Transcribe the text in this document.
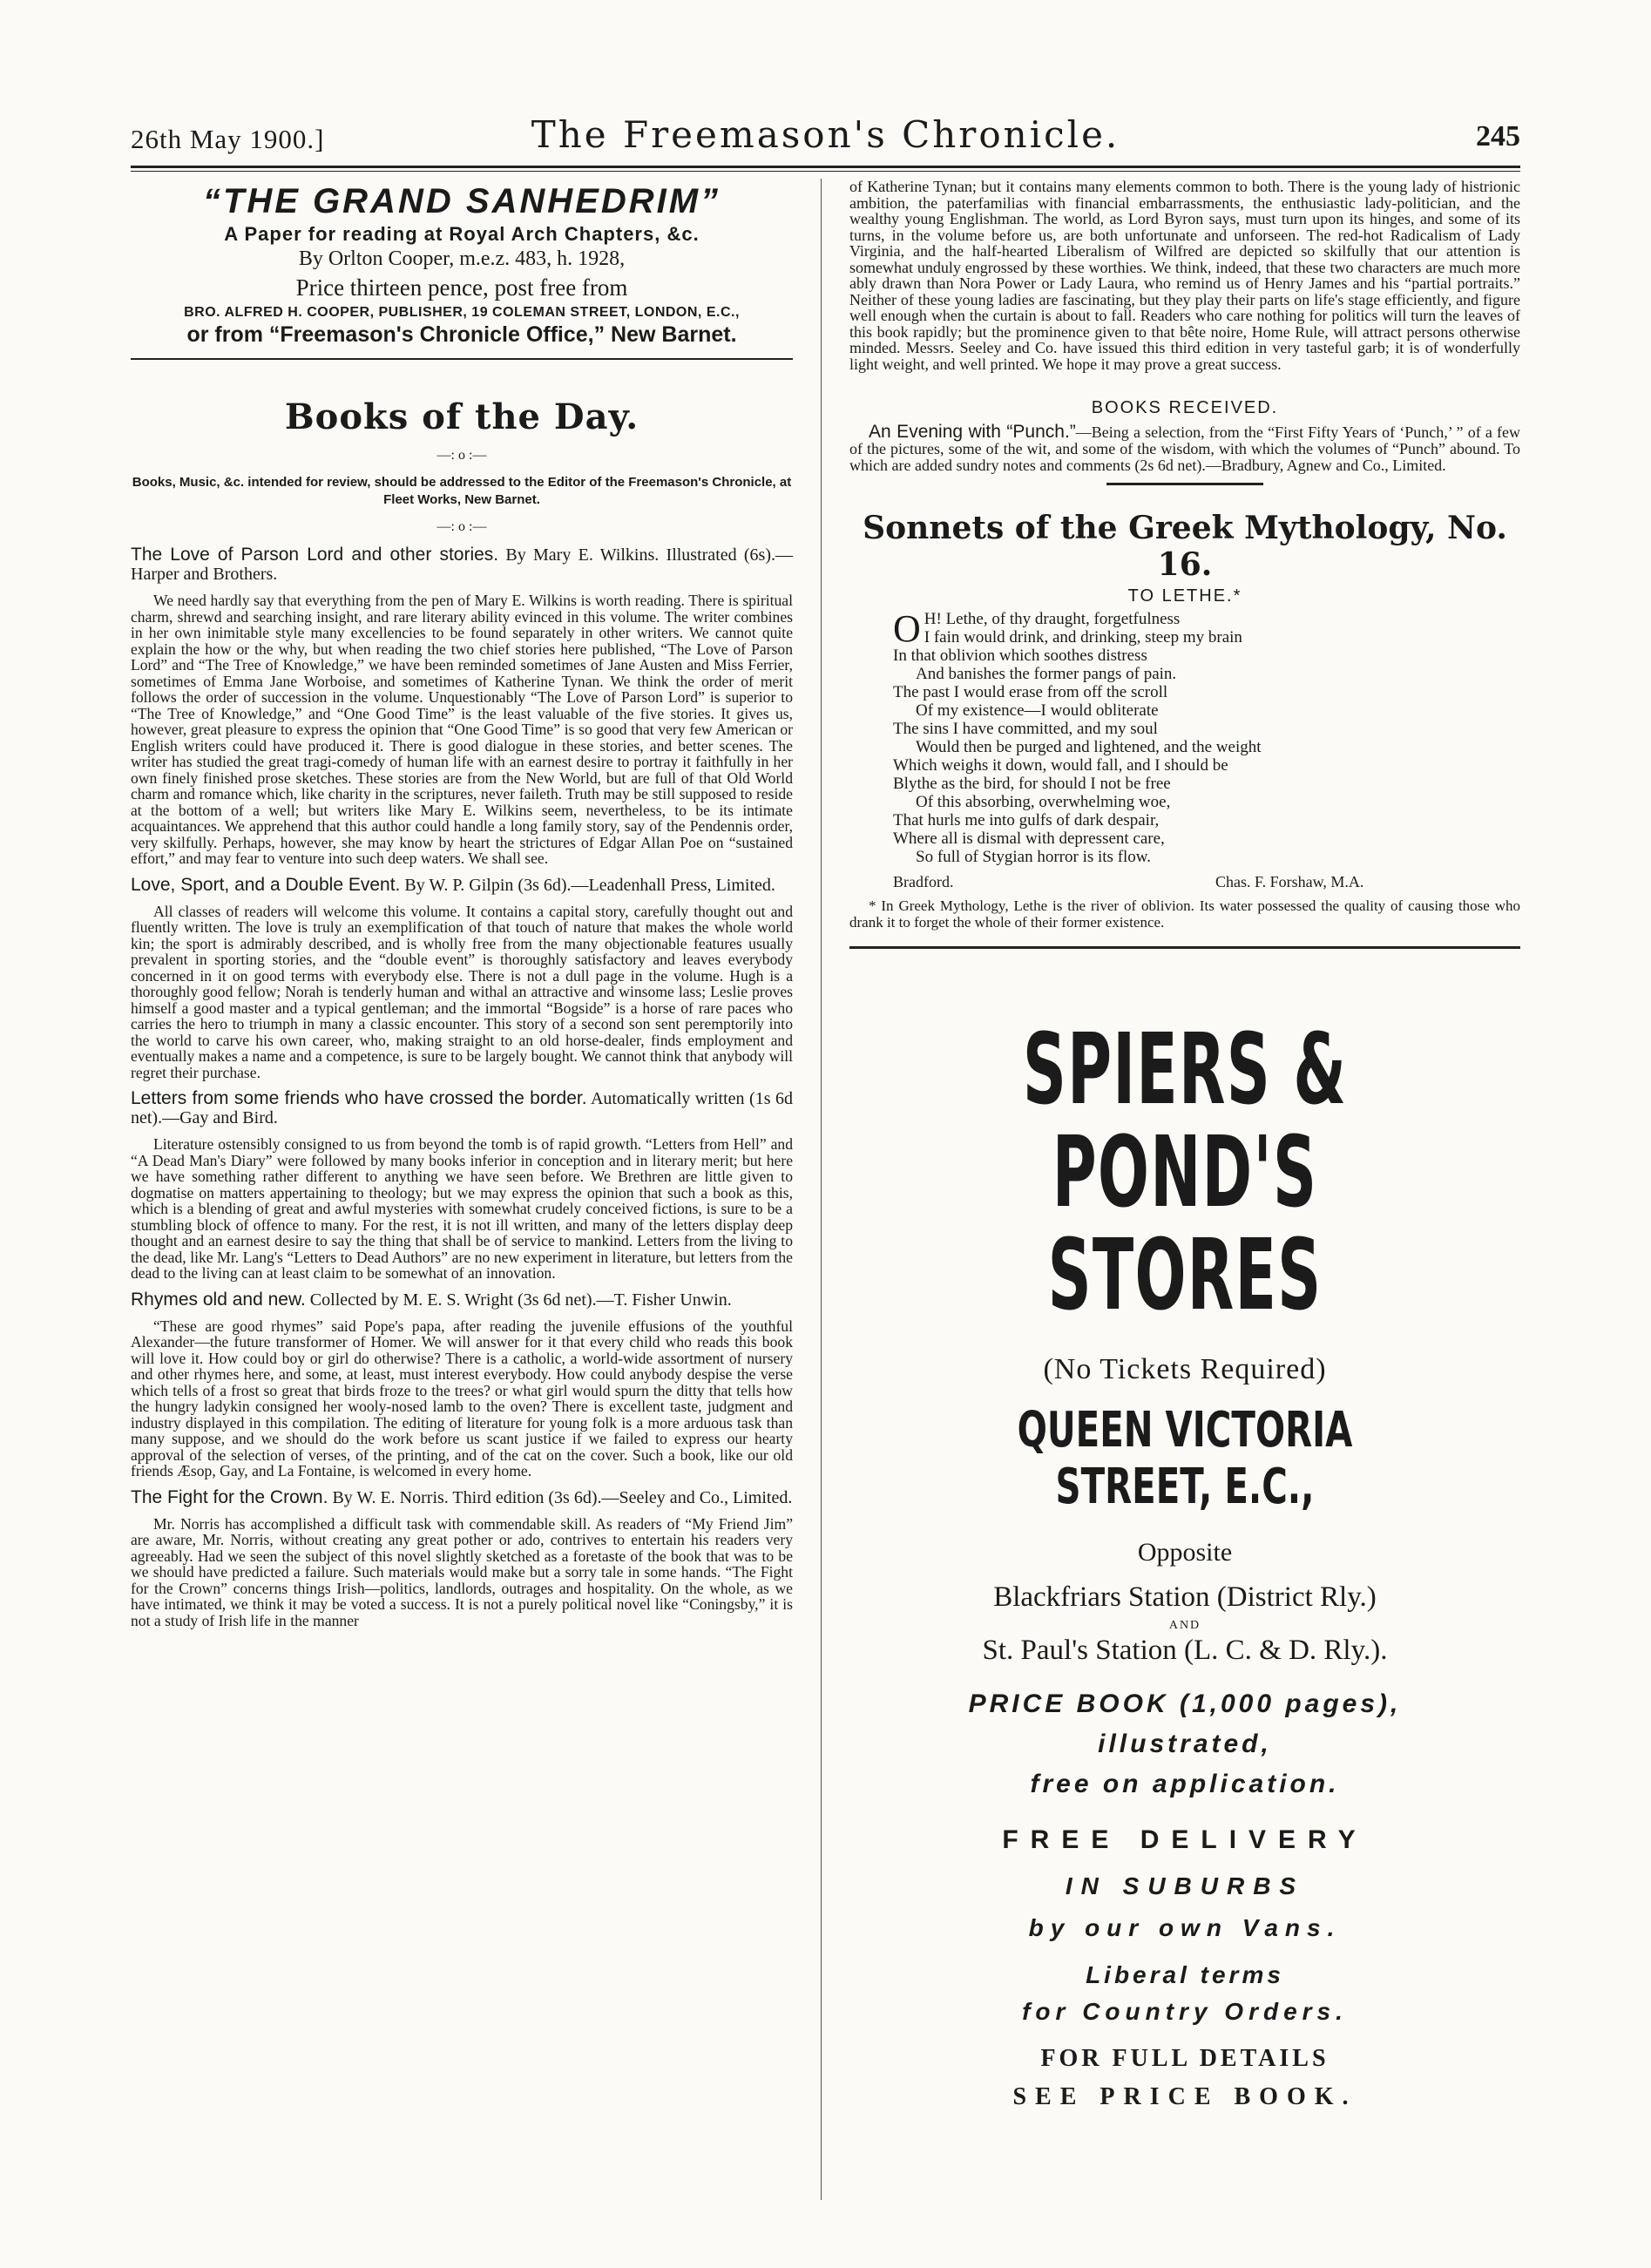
26th May 1900.]	The Freemason's Chronicle.	245
“THE GRAND SANHEDRIM”
A Paper for reading at Royal Arch Chapters, &c.
By Orlton Cooper, m.e.z. 483, h. 1928,
Price thirteen pence, post free from
BRO. ALFRED H. COOPER, PUBLISHER, 19 COLEMAN STREET, LONDON, E.C.,
or from “Freemason's Chronicle Office,” New Barnet.
Books of the Day.
—: o :—
Books, Music, &c. intended for review, should be addressed to the Editor of the Freemason's Chronicle, at Fleet Works, New Barnet.
—: o :—
The Love of Parson Lord and other stories. By Mary E. Wilkins. Illustrated (6s).—Harper and Brothers.
We need hardly say that everything from the pen of Mary E. Wilkins is worth reading. There is spiritual charm, shrewd and searching insight, and rare literary ability evinced in this volume. The writer combines in her own inimitable style many excellencies to be found separately in other writers. We cannot quite explain the how or the why, but when reading the two chief stories here published, “The Love of Parson Lord” and “The Tree of Knowledge,” we have been reminded sometimes of Jane Austen and Miss Ferrier, sometimes of Emma Jane Worboise, and sometimes of Katherine Tynan. We think the order of merit follows the order of succession in the volume. Unquestionably “The Love of Parson Lord” is superior to “The Tree of Knowledge,” and “One Good Time” is the least valuable of the five stories. It gives us, however, great pleasure to express the opinion that “One Good Time” is so good that very few American or English writers could have produced it. There is good dialogue in these stories, and better scenes. The writer has studied the great tragi-comedy of human life with an earnest desire to portray it faithfully in her own finely finished prose sketches. These stories are from the New World, but are full of that Old World charm and romance which, like charity in the scriptures, never faileth. Truth may be still supposed to reside at the bottom of a well; but writers like Mary E. Wilkins seem, nevertheless, to be its intimate acquaintances. We apprehend that this author could handle a long family story, say of the Pendennis order, very skilfully. Perhaps, however, she may know by heart the strictures of Edgar Allan Poe on “sustained effort,” and may fear to venture into such deep waters. We shall see.
Love, Sport, and a Double Event. By W. P. Gilpin (3s 6d).—Leadenhall Press, Limited.
All classes of readers will welcome this volume. It contains a capital story, carefully thought out and fluently written. The love is truly an exemplification of that touch of nature that makes the whole world kin; the sport is admirably described, and is wholly free from the many objectionable features usually prevalent in sporting stories, and the “double event” is thoroughly satisfactory and leaves everybody concerned in it on good terms with everybody else. There is not a dull page in the volume. Hugh is a thoroughly good fellow; Norah is tenderly human and withal an attractive and winsome lass; Leslie proves himself a good master and a typical gentleman; and the immortal “Bogside” is a horse of rare paces who carries the hero to triumph in many a classic encounter. This story of a second son sent peremptorily into the world to carve his own career, who, making straight to an old horse-dealer, finds employment and eventually makes a name and a competence, is sure to be largely bought. We cannot think that anybody will regret their purchase.
Letters from some friends who have crossed the border. Automatically written (1s 6d net).—Gay and Bird.
Literature ostensibly consigned to us from beyond the tomb is of rapid growth. “Letters from Hell” and “A Dead Man's Diary” were followed by many books inferior in conception and in literary merit; but here we have something rather different to anything we have seen before. We Brethren are little given to dogmatise on matters appertaining to theology; but we may express the opinion that such a book as this, which is a blending of great and awful mysteries with somewhat crudely conceived fictions, is sure to be a stumbling block of offence to many. For the rest, it is not ill written, and many of the letters display deep thought and an earnest desire to say the thing that shall be of service to mankind. Letters from the living to the dead, like Mr. Lang's “Letters to Dead Authors” are no new experiment in literature, but letters from the dead to the living can at least claim to be somewhat of an innovation.
Rhymes old and new. Collected by M. E. S. Wright (3s 6d net).—T. Fisher Unwin.
“These are good rhymes” said Pope's papa, after reading the juvenile effusions of the youthful Alexander—the future transformer of Homer. We will answer for it that every child who reads this book will love it. How could boy or girl do otherwise? There is a catholic, a world-wide assortment of nursery and other rhymes here, and some, at least, must interest everybody. How could anybody despise the verse which tells of a frost so great that birds froze to the trees? or what girl would spurn the ditty that tells how the hungry ladykin consigned her wooly-nosed lamb to the oven? There is excellent taste, judgment and industry displayed in this compilation. The editing of literature for young folk is a more arduous task than many suppose, and we should do the work before us scant justice if we failed to express our hearty approval of the selection of verses, of the printing, and of the cat on the cover. Such a book, like our old friends Æsop, Gay, and La Fontaine, is welcomed in every home.
The Fight for the Crown. By W. E. Norris. Third edition (3s 6d).—Seeley and Co., Limited.
Mr. Norris has accomplished a difficult task with commendable skill. As readers of “My Friend Jim” are aware, Mr. Norris, without creating any great pother or ado, contrives to entertain his readers very agreeably. Had we seen the subject of this novel slightly sketched as a foretaste of the book that was to be we should have predicted a failure. Such materials would make but a sorry tale in some hands. “The Fight for the Crown” concerns things Irish—politics, landlords, outrages and hospitality. On the whole, as we have intimated, we think it may be voted a success. It is not a purely political novel like “Coningsby,” it is not a study of Irish life in the manner
of Katherine Tynan; but it contains many elements common to both. There is the young lady of histrionic ambition, the paterfamilias with financial embarrassments, the enthusiastic lady-politician, and the wealthy young Englishman. The world, as Lord Byron says, must turn upon its hinges, and some of its turns, in the volume before us, are both unfortunate and unforseen. The red-hot Radicalism of Lady Virginia, and the half-hearted Liberalism of Wilfred are depicted so skilfully that our attention is somewhat unduly engrossed by these worthies. We think, indeed, that these two characters are much more ably drawn than Nora Power or Lady Laura, who remind us of Henry James and his “partial portraits.” Neither of these young ladies are fascinating, but they play their parts on life's stage efficiently, and figure well enough when the curtain is about to fall. Readers who care nothing for politics will turn the leaves of this book rapidly; but the prominence given to that bête noire, Home Rule, will attract persons otherwise minded. Messrs. Seeley and Co. have issued this third edition in very tasteful garb; it is of wonderfully light weight, and well printed. We hope it may prove a great success.
BOOKS RECEIVED.
An Evening with “Punch.”—Being a selection, from the “First Fifty Years of ‘Punch,’ ” of a few of the pictures, some of the wit, and some of the wisdom, with which the volumes of “Punch” abound. To which are added sundry notes and comments (2s 6d net).—Bradbury, Agnew and Co., Limited.
Sonnets of the Greek Mythology, No. 16.
TO LETHE.*
O H! Lethe, of thy draught, forgetfulness
I fain would drink, and drinking, steep my brain
In that oblivion which soothes distress
And banishes the former pangs of pain.
The past I would erase from off the scroll
Of my existence—I would obliterate
The sins I have committed, and my soul
Would then be purged and lightened, and the weight
Which weighs it down, would fall, and I should be
Blythe as the bird, for should I not be free
Of this absorbing, overwhelming woe,
That hurls me into gulfs of dark despair,
Where all is dismal with depressent care,
So full of Stygian horror is its flow.
Bradford.	Chas. F. Forshaw, M.A.
* In Greek Mythology, Lethe is the river of oblivion. Its water possessed the quality of causing those who drank it to forget the whole of their former existence.
SPIERS & POND'S
STORES
(No Tickets Required)
QUEEN VICTORIA STREET, E.C.,
Opposite
Blackfriars Station (District Rly.)
AND
St. Paul's Station (L. C. & D. Rly.).
PRICE BOOK (1,000 pages),
illustrated,
free on application.
FREE DELIVERY
IN SUBURBS
by our own Vans.
Liberal terms
for Country Orders.
FOR FULL DETAILS
SEE PRICE BOOK.
